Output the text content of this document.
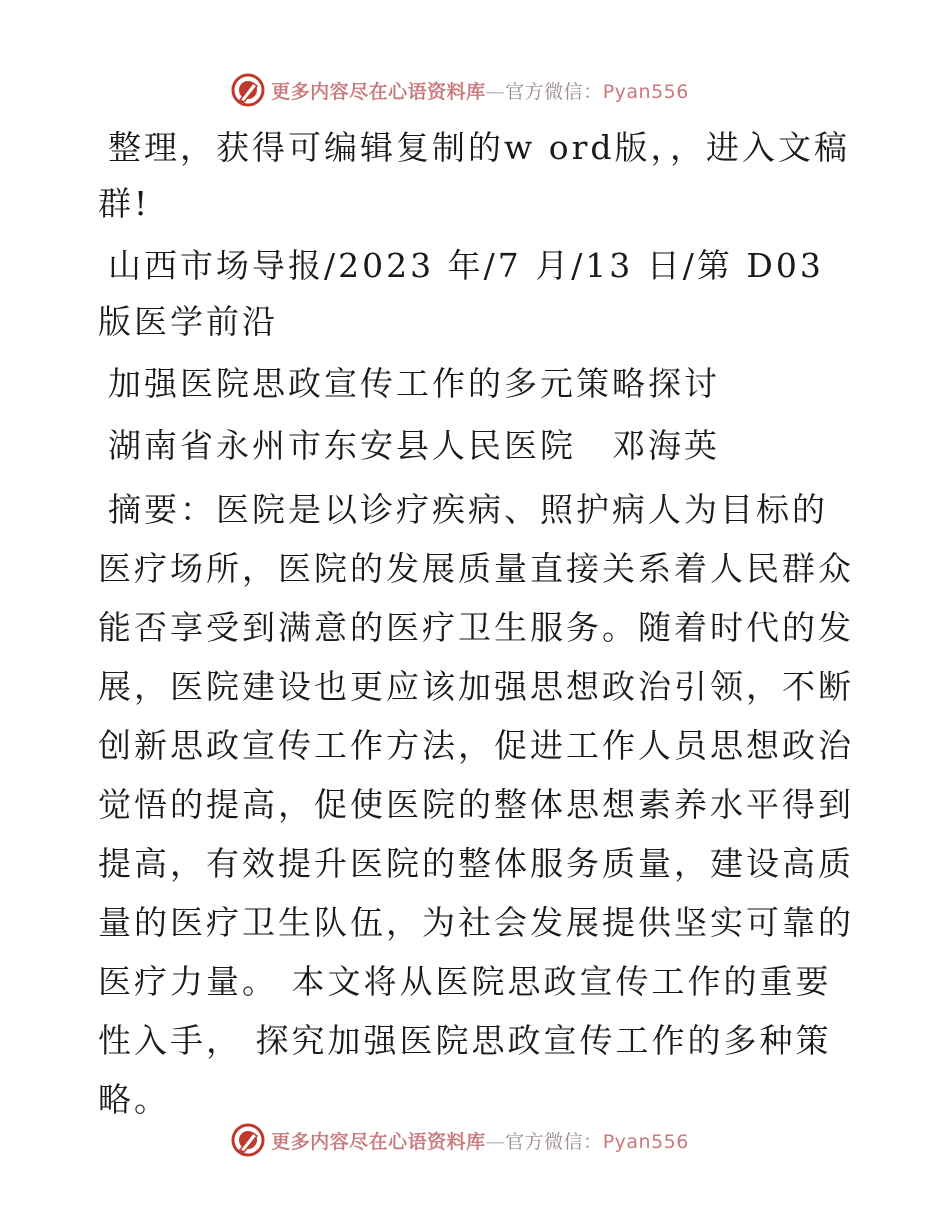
更多内容尽在心语资料库—官方微信：Pyan556

整理，获得可编辑复制的w ord版，，进入文稿群!

山西市场导报/2023 年/7 月/13 日/第 D03 版医学前沿

加强医院思政宣传工作的多元策略探讨

湖南省永州市东安县人民医院　邓海英

摘要：医院是以诊疗疾病、照护病人为目标的医疗场所，医院的发展质量直接关系着人民群众能否享受到满意的医疗卫生服务。随着时代的发展，医院建设也更应该加强思想政治引领，不断创新思政宣传工作方法，促进工作人员思想政治觉悟的提高，促使医院的整体思想素养水平得到提高，有效提升医院的整体服务质量，建设高质量的医疗卫生队伍，为社会发展提供坚实可靠的医疗力量。 本文将从医院思政宣传工作的重要性入手， 探究加强医院思政宣传工作的多种策略。

更多内容尽在心语资料库—官方微信：Pyan556
